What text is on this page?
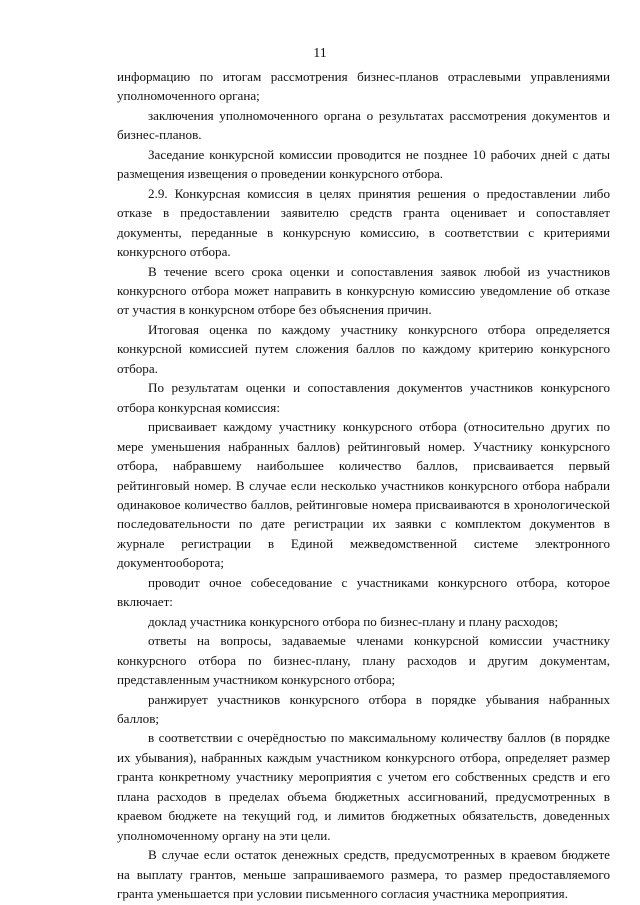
11

информацию по итогам рассмотрения бизнес-планов отраслевыми управлениями уполномоченного органа;

заключения уполномоченного органа о результатах рассмотрения документов и бизнес-планов.

Заседание конкурсной комиссии проводится не позднее 10 рабочих дней с даты размещения извещения о проведении конкурсного отбора.

2.9. Конкурсная комиссия в целях принятия решения о предоставлении либо отказе в предоставлении заявителю средств гранта оценивает и сопоставляет документы, переданные в конкурсную комиссию, в соответствии с критериями конкурсного отбора.

В течение всего срока оценки и сопоставления заявок любой из участников конкурсного отбора может направить в конкурсную комиссию уведомление об отказе от участия в конкурсном отборе без объяснения причин.

Итоговая оценка по каждому участнику конкурсного отбора определяется конкурсной комиссией путем сложения баллов по каждому критерию конкурсного отбора.

По результатам оценки и сопоставления документов участников конкурсного отбора конкурсная комиссия:

присваивает каждому участнику конкурсного отбора (относительно других по мере уменьшения набранных баллов) рейтинговый номер. Участнику конкурсного отбора, набравшему наибольшее количество баллов, присваивается первый рейтинговый номер. В случае если несколько участников конкурсного отбора набрали одинаковое количество баллов, рейтинговые номера присваиваются в хронологической последовательности по дате регистрации их заявки с комплектом документов в журнале регистрации в Единой межведомственной системе электронного документооборота;

проводит очное собеседование с участниками конкурсного отбора, которое включает:

доклад участника конкурсного отбора по бизнес-плану и плану расходов;

ответы на вопросы, задаваемые членами конкурсной комиссии участнику конкурсного отбора по бизнес-плану, плану расходов и другим документам, представленным участником конкурсного отбора;

ранжирует участников конкурсного отбора в порядке убывания набранных баллов;

в соответствии с очерёдностью по максимальному количеству баллов (в порядке их убывания), набранных каждым участником конкурсного отбора, определяет размер гранта конкретному участнику мероприятия с учетом его собственных средств и его плана расходов в пределах объема бюджетных ассигнований, предусмотренных в краевом бюджете на текущий год, и лимитов бюджетных обязательств, доведенных уполномоченному органу на эти цели.

В случае если остаток денежных средств, предусмотренных в краевом бюджете на выплату грантов, меньше запрашиваемого размера, то размер предоставляемого гранта уменьшается при условии письменного согласия участника мероприятия.
